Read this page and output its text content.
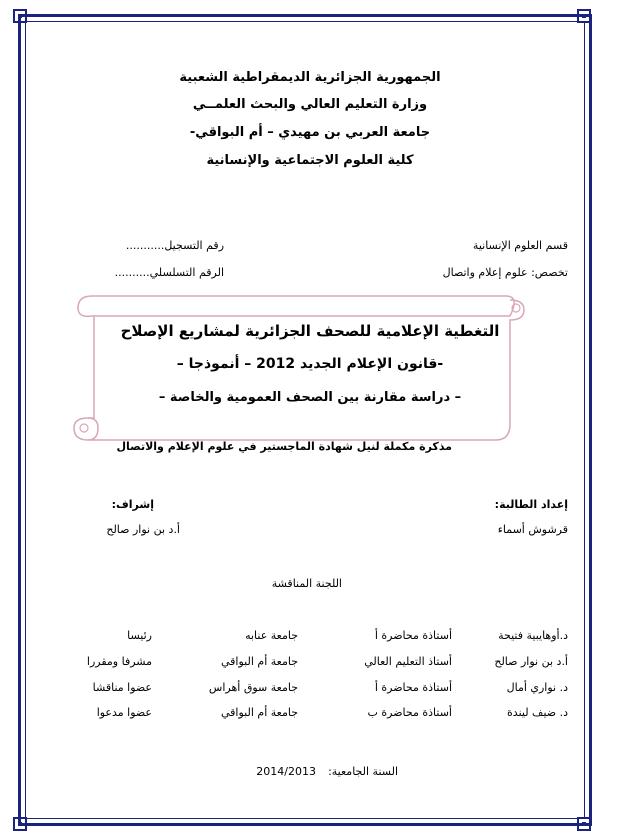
الجمهورية الجزائرية الديمقراطية الشعبية
وزارة التعليم العالي والبحث العلمــي
جامعة العربي بن مهيدي – أم البواقي-
كلية العلوم الاجتماعية والإنسانية
قسم العلوم الإنسانية
رقم التسجيل...........
تخصص: علوم إعلام واتصال
الرقم التسلسلي..........
التغطية الإعلامية للصحف الجزائرية لمشاريع الإصلاح
-قانون الإعلام الجديد 2012 – أنموذجا –
– دراسة مقارنة بين الصحف العمومية والخاصة –
مذكرة مكملة لنيل شهادة الماجستير في علوم الإعلام والاتصال
إعداد الطالبة:
قرشوش أسماء
إشراف:
أ.د بن نوار صالح
اللجنة المناقشة
د.أوهايبية فتيحة
أستاذة محاضرة أ
جامعة عنابه
رئيسا
أ.د بن نوار صالح
أستاذ التعليم العالي
جامعة أم البواقي
مشرفا ومقررا
د. نواري أمال
أستاذة محاضرة أ
جامعة سوق أهراس
عضوا مناقشا
د. ضيف ليندة
أستاذة محاضرة ب
جامعة أم البواقي
عضوا مدعوا
السنة الجامعية:
2014/2013
